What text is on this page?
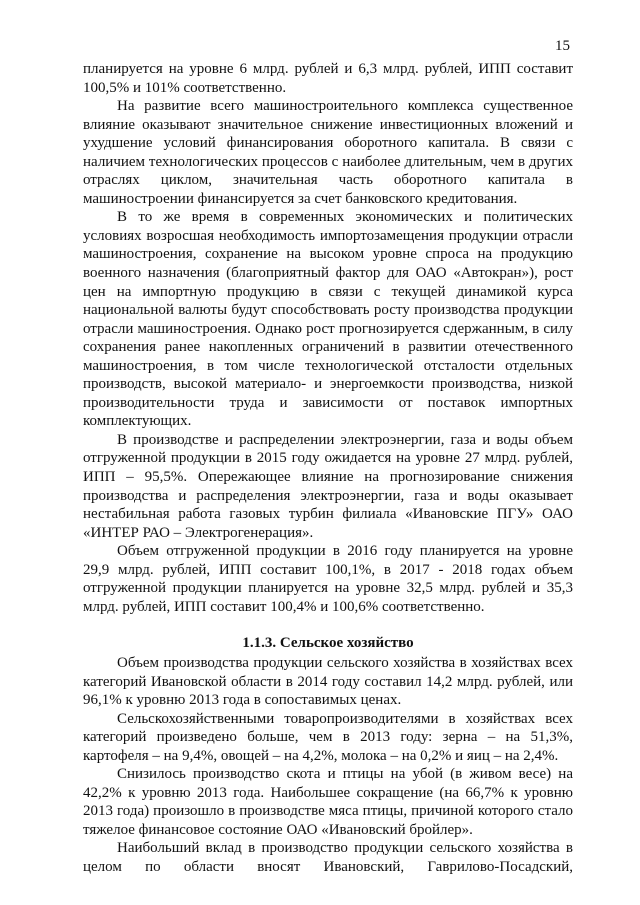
15

планируется на уровне 6 млрд. рублей и 6,3 млрд. рублей, ИПП составит 100,5% и 101% соответственно.

На развитие всего машиностроительного комплекса существенное влияние оказывают значительное снижение инвестиционных вложений и ухудшение условий финансирования оборотного капитала. В связи с наличием технологических процессов с наиболее длительным, чем в других отраслях циклом, значительная часть оборотного капитала в машиностроении финансируется за счет банковского кредитования.

В то же время в современных экономических и политических условиях возросшая необходимость импортозамещения продукции отрасли машиностроения, сохранение на высоком уровне спроса на продукцию военного назначения (благоприятный фактор для ОАО «Автокран»), рост цен на импортную продукцию в связи с текущей динамикой курса национальной валюты будут способствовать росту производства продукции отрасли машиностроения. Однако рост прогнозируется сдержанным, в силу сохранения ранее накопленных ограничений в развитии отечественного машиностроения, в том числе технологической отсталости отдельных производств, высокой материало- и энергоемкости производства, низкой производительности труда и зависимости от поставок импортных комплектующих.

В производстве и распределении электроэнергии, газа и воды объем отгруженной продукции в 2015 году ожидается на уровне 27 млрд. рублей, ИПП – 95,5%. Опережающее влияние на прогнозирование снижения производства и распределения электроэнергии, газа и воды оказывает нестабильная работа газовых турбин филиала «Ивановские ПГУ» ОАО «ИНТЕР РАО – Электрогенерация».

Объем отгруженной продукции в 2016 году планируется на уровне 29,9 млрд. рублей, ИПП составит 100,1%, в 2017 - 2018 годах объем отгруженной продукции планируется на уровне 32,5 млрд. рублей и 35,3 млрд. рублей, ИПП составит 100,4% и 100,6% соответственно.

1.1.3. Сельское хозяйство

Объем производства продукции сельского хозяйства в хозяйствах всех категорий Ивановской области в 2014 году составил 14,2 млрд. рублей, или 96,1% к уровню 2013 года в сопоставимых ценах.

Сельскохозяйственными товаропроизводителями в хозяйствах всех категорий произведено больше, чем в 2013 году: зерна – на 51,3%, картофеля – на 9,4%, овощей – на 4,2%, молока – на 0,2% и яиц – на 2,4%.

Снизилось производство скота и птицы на убой (в живом весе) на 42,2% к уровню 2013 года. Наибольшее сокращение (на 66,7% к уровню 2013 года) произошло в производстве мяса птицы, причиной которого стало тяжелое финансовое состояние ОАО «Ивановский бройлер».

Наибольший вклад в производство продукции сельского хозяйства в целом по области вносят Ивановский, Гаврилово-Посадский,
